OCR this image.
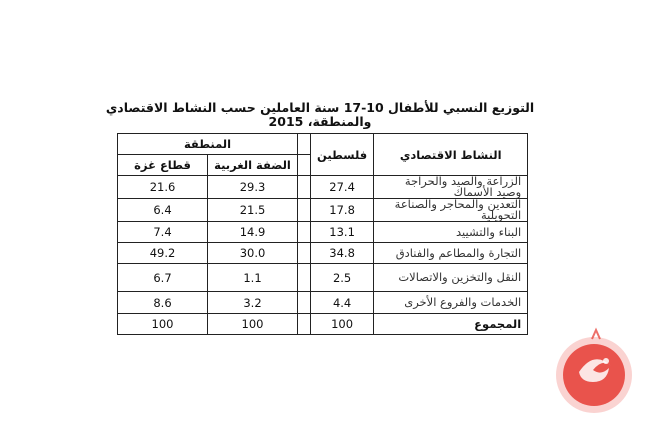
التوزيع النسبي للأطفال 10-17 سنة العاملين حسب النشاط الاقتصادي والمنطقة، 2015
المنطقة			فلسطين	النشاط الاقتصادي
قطاع غزة	الضفة الغربية			
21.6	29.3		27.4	الزراعة والصيد والحراجة وصيد الأسماك
6.4	21.5		17.8	التعدين والمحاجر والصناعة التحويلية
7.4	14.9		13.1	البناء والتشييد
49.2	30.0		34.8	التجارة والمطاعم والفنادق
6.7	1.1		2.5	النقل والتخزين والاتصالات
8.6	3.2		4.4	الخدمات والفروع الأخرى
100	100		100	المجموع
